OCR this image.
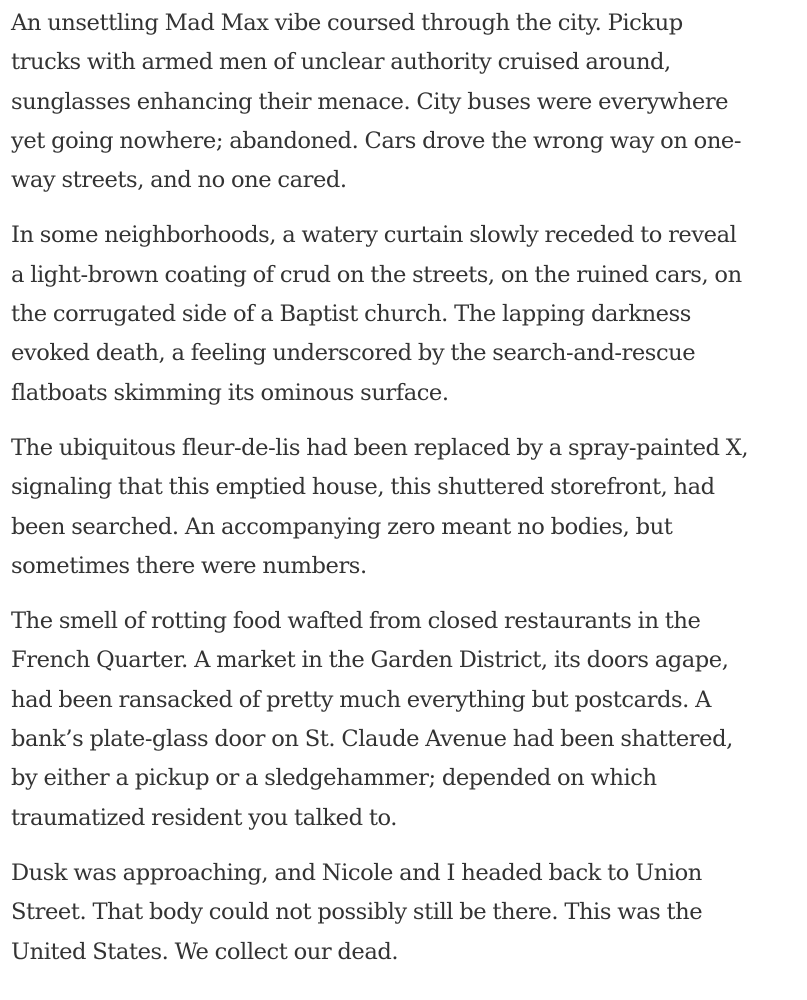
An unsettling Mad Max vibe coursed through the city. Pickup
trucks with armed men of unclear authority cruised around,
sunglasses enhancing their menace. City buses were everywhere
yet going nowhere; abandoned. Cars drove the wrong way on one-
way streets, and no one cared.

In some neighborhoods, a watery curtain slowly receded to reveal
a light-brown coating of crud on the streets, on the ruined cars, on
the corrugated side of a Baptist church. The lapping darkness
evoked death, a feeling underscored by the search-and-rescue
flatboats skimming its ominous surface.

The ubiquitous fleur-de-lis had been replaced by a spray-painted X,
signaling that this emptied house, this shuttered storefront, had
been searched. An accompanying zero meant no bodies, but
sometimes there were numbers.

The smell of rotting food wafted from closed restaurants in the
French Quarter. A market in the Garden District, its doors agape,
had been ransacked of pretty much everything but postcards. A
bank’s plate-glass door on St. Claude Avenue had been shattered,
by either a pickup or a sledgehammer; depended on which
traumatized resident you talked to.

Dusk was approaching, and Nicole and I headed back to Union
Street. That body could not possibly still be there. This was the
United States. We collect our dead.
